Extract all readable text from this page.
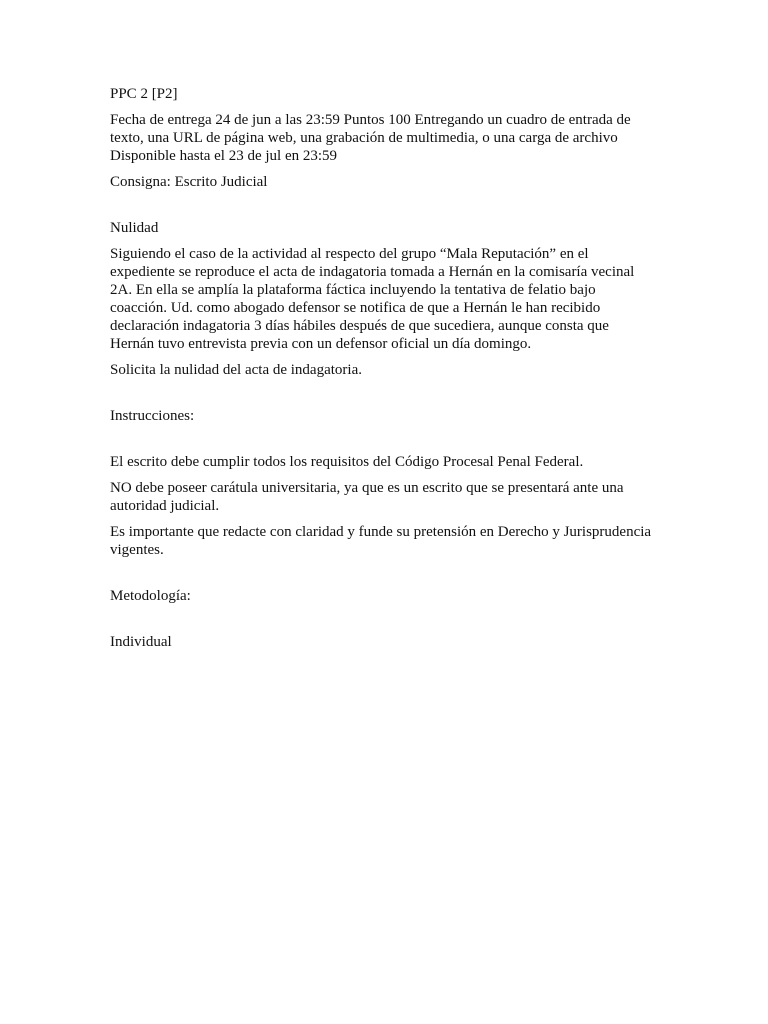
PPC 2 [P2]

Fecha de entrega 24 de jun a las 23:59 Puntos 100 Entregando un cuadro de entrada de texto, una URL de página web, una grabación de multimedia, o una carga de archivo Disponible hasta el 23 de jul en 23:59

Consigna: Escrito Judicial

Nulidad

Siguiendo el caso de la actividad al respecto del grupo “Mala Reputación” en el expediente se reproduce el acta de indagatoria tomada a Hernán en la comisaría vecinal 2A. En ella se amplía la plataforma fáctica incluyendo la tentativa de felatio bajo coacción. Ud. como abogado defensor se notifica de que a Hernán le han recibido declaración indagatoria 3 días hábiles después de que sucediera, aunque consta que Hernán tuvo entrevista previa con un defensor oficial un día domingo.

Solicita la nulidad del acta de indagatoria.

Instrucciones:

El escrito debe cumplir todos los requisitos del Código Procesal Penal Federal.

NO debe poseer carátula universitaria, ya que es un escrito que se presentará ante una autoridad judicial.

Es importante que redacte con claridad y funde su pretensión en Derecho y Jurisprudencia vigentes.

Metodología:

Individual
